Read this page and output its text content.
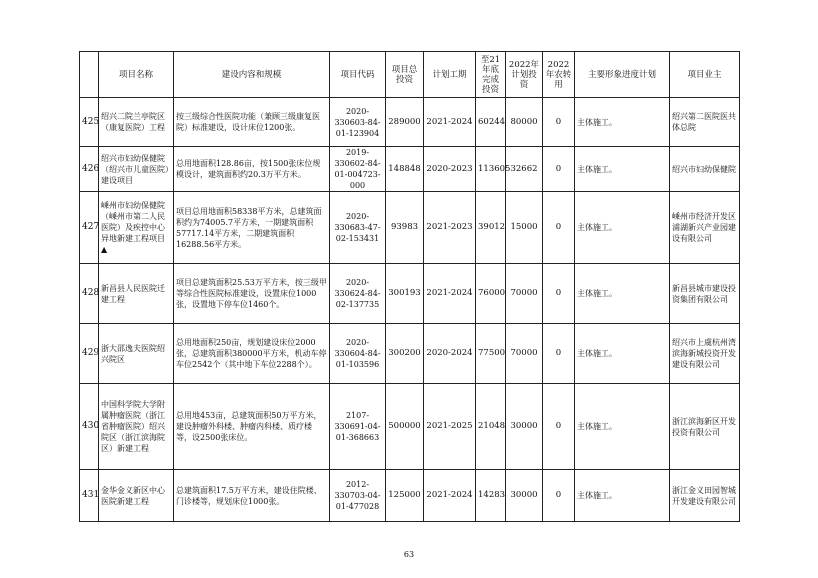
	项目名称	建设内容和规模	项目代码	项目总投资	计划工期	至21年底完成投资	2022年计划投资	2022年农转用	主要形象进度计划	项目业主
425	绍兴二院兰亭院区（康复医院）工程	按三级综合性医院功能（兼顾三级康复医院）标准建设，设计床位1200张。	2020-330603-84-01-123904	289000	2021-2024	60244	80000	0	主体施工。	绍兴第二医院医共体总院
426	绍兴市妇幼保健院（绍兴市儿童医院）建设项目	总用地面积128.86亩，按1500张床位规模设计，建筑面积约20.3万平方米。	2019-330602-84-01-004723-000	148848	2020-2023	113605	32662	0	主体施工。	绍兴市妇幼保健院
427	嵊州市妇幼保健院（嵊州市第二人民医院）及疾控中心异地新建工程项目▲	项目总用地面积58338平方米，总建筑面积约为74005.7平方米，一期建筑面积57717.14平方米，二期建筑面积16288.56平方米。	2020-330683-47-02-153431	93983	2021-2023	39012	15000	0	主体施工。	嵊州市经济开发区浦湖新兴产业园建设有限公司
428	新昌县人民医院迁建工程	项目总建筑面积25.53万平方米，按三级甲等综合性医院标准建设，设置床位1000张，设置地下停车位1460个。	2020-330624-84-02-137735	300193	2021-2024	76000	70000	0	主体施工。	新昌县城市建设投资集团有限公司
429	浙大邵逸夫医院绍兴院区	总用地面积250亩，规划建设床位2000张，总建筑面积380000平方米，机动车停车位2542个（其中地下车位2288个）。	2020-330604-84-01-103596	300200	2020-2024	77500	70000	0	主体施工。	绍兴市上虞杭州湾滨海新城投资开发建设有限公司
430	中国科学院大学附属肿瘤医院（浙江省肿瘤医院）绍兴院区（浙江滨海院区）新建工程	总用地453亩，总建筑面积50万平方米，建设肿瘤外科楼、肿瘤内科楼、质疗楼等，设2500张床位。	2107-330691-04-01-368663	500000	2021-2025	21048	30000	0	主体施工。	浙江滨海新区开发投资有限公司
431	金华金义新区中心医院新建工程	总建筑面积17.5万平方米，建设住院楼、门诊楼等，规划床位1000张。	2012-330703-04-01-477028	125000	2021-2024	14283	30000	0	主体施工。	浙江金义田园智城开发建设有限公司
63
